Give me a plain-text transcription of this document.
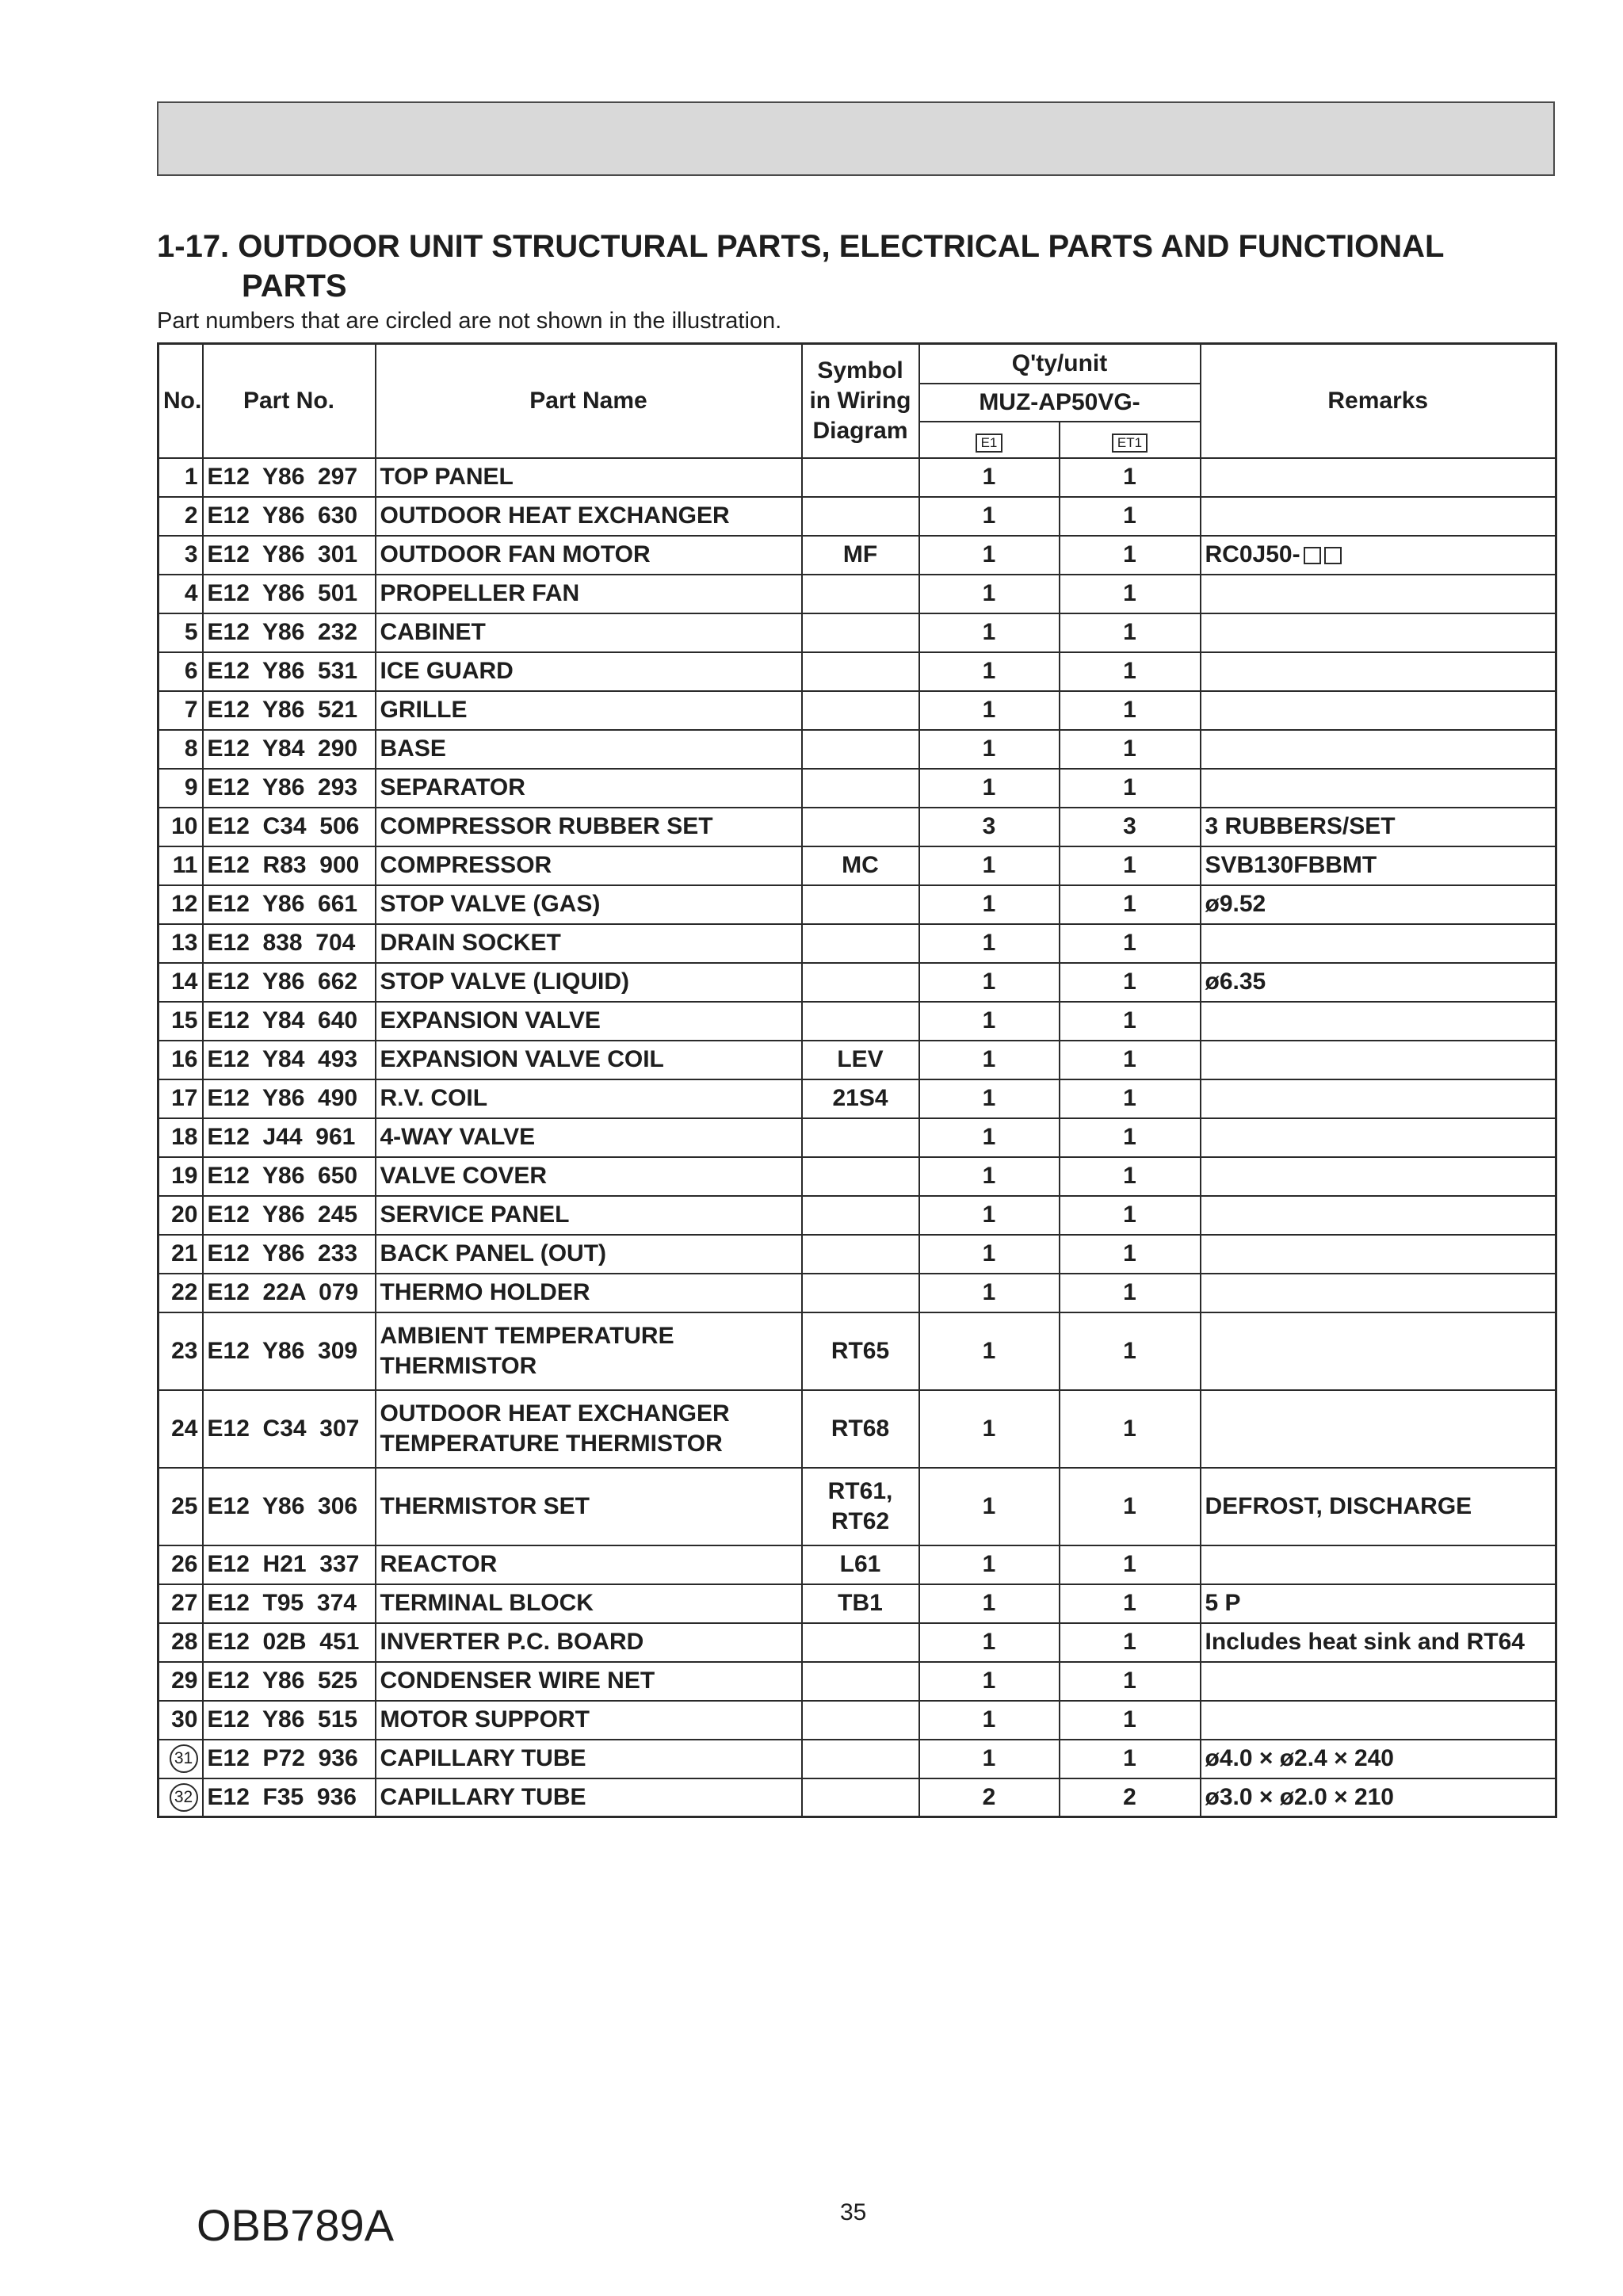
1-17. OUTDOOR UNIT STRUCTURAL PARTS, ELECTRICAL PARTS AND FUNCTIONAL
PARTS
Part numbers that are circled are not shown in the illustration.
No.	Part No.	Part Name	Symbol
in Wiring
Diagram	Q'ty/unit		Remarks
				MUZ-AP50VG-		
				E1	ET1	
1	E12  Y86  297	TOP PANEL		1	1	
2	E12  Y86  630	OUTDOOR HEAT EXCHANGER		1	1	
3	E12  Y86  301	OUTDOOR FAN MOTOR	MF	1	1	RC0J50-
4	E12  Y86  501	PROPELLER FAN		1	1	
5	E12  Y86  232	CABINET		1	1	
6	E12  Y86  531	ICE GUARD		1	1	
7	E12  Y86  521	GRILLE		1	1	
8	E12  Y84  290	BASE		1	1	
9	E12  Y86  293	SEPARATOR		1	1	
10	E12  C34  506	COMPRESSOR RUBBER SET		3	3	3 RUBBERS/SET
11	E12  R83  900	COMPRESSOR	MC	1	1	SVB130FBBMT
12	E12  Y86  661	STOP VALVE (GAS)		1	1	ø9.52
13	E12  838  704	DRAIN SOCKET		1	1	
14	E12  Y86  662	STOP VALVE (LIQUID)		1	1	ø6.35
15	E12  Y84  640	EXPANSION VALVE		1	1	
16	E12  Y84  493	EXPANSION VALVE COIL	LEV	1	1	
17	E12  Y86  490	R.V. COIL	21S4	1	1	
18	E12  J44  961	4-WAY VALVE		1	1	
19	E12  Y86  650	VALVE COVER		1	1	
20	E12  Y86  245	SERVICE PANEL		1	1	
21	E12  Y86  233	BACK PANEL (OUT)		1	1	
22	E12  22A  079	THERMO HOLDER		1	1	
23	E12  Y86  309	AMBIENT TEMPERATURE
THERMISTOR	RT65	1	1	
24	E12  C34  307	OUTDOOR HEAT EXCHANGER
TEMPERATURE THERMISTOR	RT68	1	1	
25	E12  Y86  306	THERMISTOR SET	RT61,
RT62	1	1	DEFROST, DISCHARGE
26	E12  H21  337	REACTOR	L61	1	1	
27	E12  T95  374	TERMINAL BLOCK	TB1	1	1	5 P
28	E12  02B  451	INVERTER P.C. BOARD		1	1	Includes heat sink and RT64
29	E12  Y86  525	CONDENSER WIRE NET		1	1	
30	E12  Y86  515	MOTOR SUPPORT		1	1	
31	E12  P72  936	CAPILLARY TUBE		1	1	ø4.0 × ø2.4 × 240
32	E12  F35  936	CAPILLARY TUBE		2	2	ø3.0 × ø2.0 × 210
35
OBB789A
